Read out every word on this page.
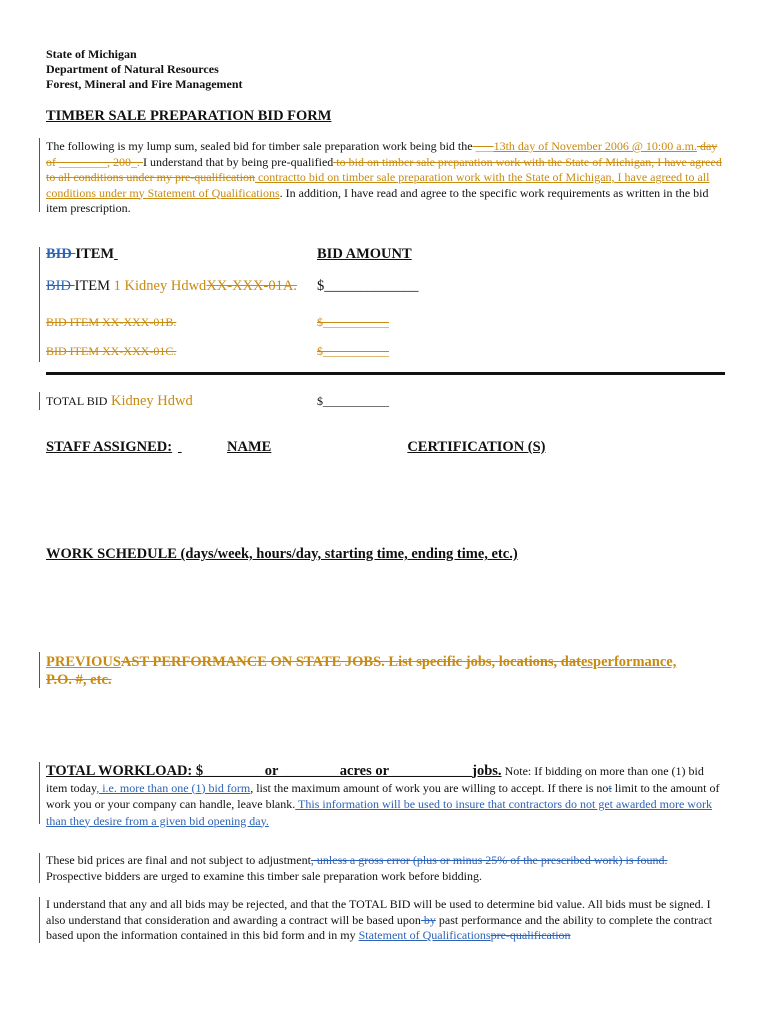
State of Michigan
Department of Natural Resources
Forest, Mineral and Fire Management
TIMBER SALE PREPARATION BID FORM
The following is my lump sum, sealed bid for timber sale preparation work being bid the ___13th day of November 2006 @ 10:00 a.m. day of ________, 200_. I understand that by being pre-qualified to bid on timber sale preparation work with the State of Michigan, I have agreed to all conditions under my pre-qualification contractto bid on timber sale preparation work with the State of Michigan, I have agreed to all conditions under my Statement of Qualifications. In addition, I have read and agree to the specific work requirements as written in the bid item prescription.
BID ITEM	BID AMOUNT
BID ITEM 1 Kidney HdwdXX-XXX-01A. $_____________
BID ITEM XX-XXX-01B.	$___________
BID ITEM XX-XXX-01C.	$___________
TOTAL BID Kidney Hdwd	$___________
STAFF ASSIGNED:
	NAME	CERTIFICATION (S)
WORK SCHEDULE (days/week, hours/day, starting time, ending time, etc.)
PREVIOUSAST PERFORMANCE ON STATE JOBS. List specific jobs, locations, datesperformance,
P.O. #, etc.
TOTAL WORKLOAD: $________ or ________acres or ___________jobs. Note: If bidding on more than one (1) bid item today, i.e. more than one (1) bid form, list the maximum amount of work you are willing to accept. If there is not limit to the amount of work you or your company can handle, leave blank. This information will be used to insure that contractors do not get awarded more work than they desire from a given bid opening day.
These bid prices are final and not subject to adjustment, unless a gross error (plus or minus 25% of the prescribed work) is found. Prospective bidders are urged to examine this timber sale preparation work before bidding.
I understand that any and all bids may be rejected, and that the TOTAL BID will be used to determine bid value. All bids must be signed. I also understand that consideration and awarding a contract will be based upon by past performance and the ability to complete the contract based upon the information contained in this bid form and in my Statement of Qualificationspre-qualification
